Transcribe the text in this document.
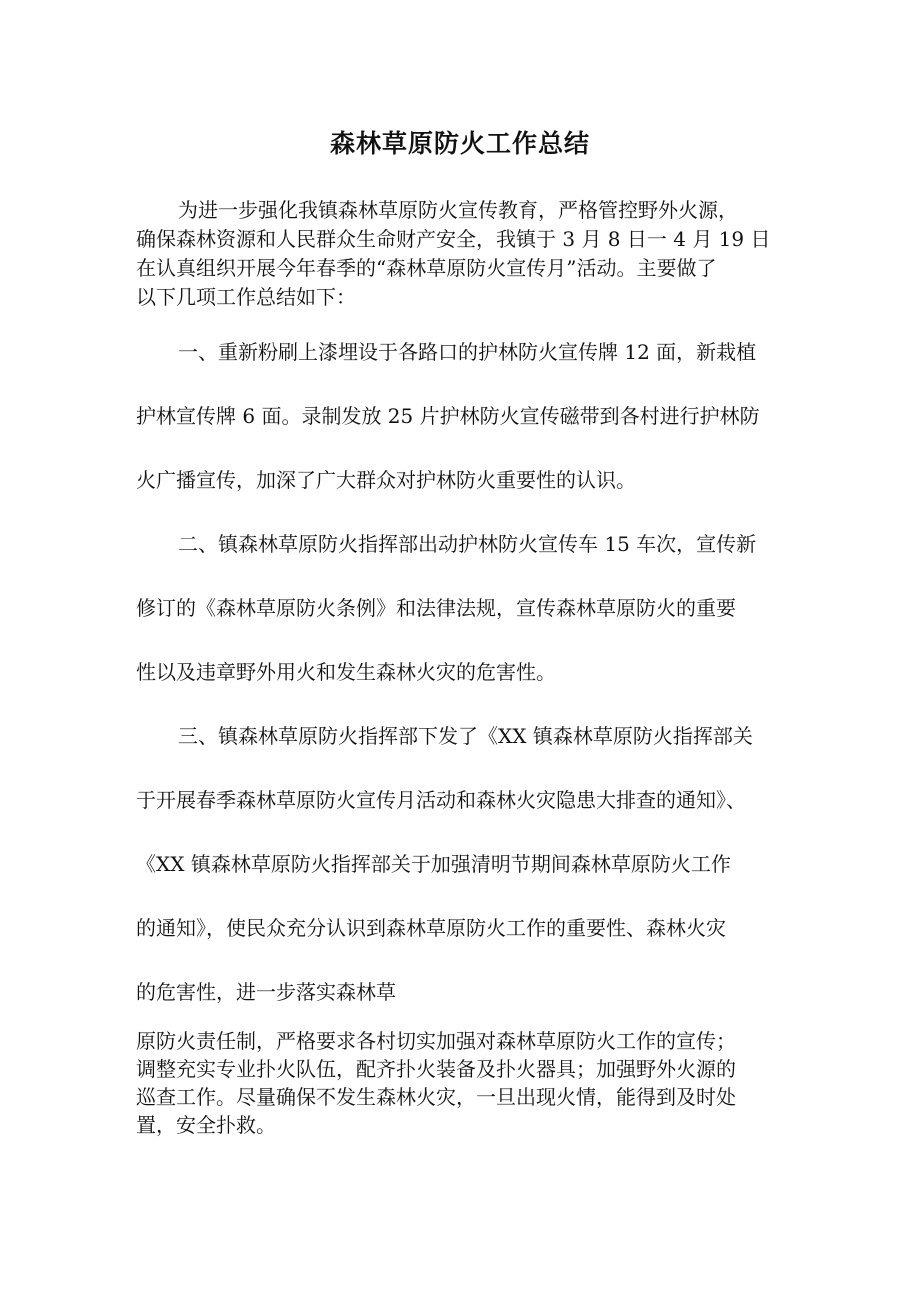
森林草原防火工作总结
为进一步强化我镇森林草原防火宣传教育，严格管控野外火源，
确保森林资源和人民群众生命财产安全，我镇于 3 月 8 日一 4 月 19 日
在认真组织开展今年春季的“森林草原防火宣传月”活动。主要做了
以下几项工作总结如下：
一、重新粉刷上漆埋设于各路口的护林防火宣传牌 12 面，新栽植
护林宣传牌 6 面。录制发放 25 片护林防火宣传磁带到各村进行护林防
火广播宣传，加深了广大群众对护林防火重要性的认识。
二、镇森林草原防火指挥部出动护林防火宣传车 15 车次，宣传新
修订的《森林草原防火条例》和法律法规，宣传森林草原防火的重要
性以及违章野外用火和发生森林火灾的危害性。
三、镇森林草原防火指挥部下发了《XX 镇森林草原防火指挥部关
于开展春季森林草原防火宣传月活动和森林火灾隐患大排查的通知》、
《XX 镇森林草原防火指挥部关于加强清明节期间森林草原防火工作
的通知》，使民众充分认识到森林草原防火工作的重要性、森林火灾
的危害性，进一步落实森林草
原防火责任制，严格要求各村切实加强对森林草原防火工作的宣传；
调整充实专业扑火队伍，配齐扑火装备及扑火器具；加强野外火源的
巡查工作。尽量确保不发生森林火灾，一旦出现火情，能得到及时处
置，安全扑救。
